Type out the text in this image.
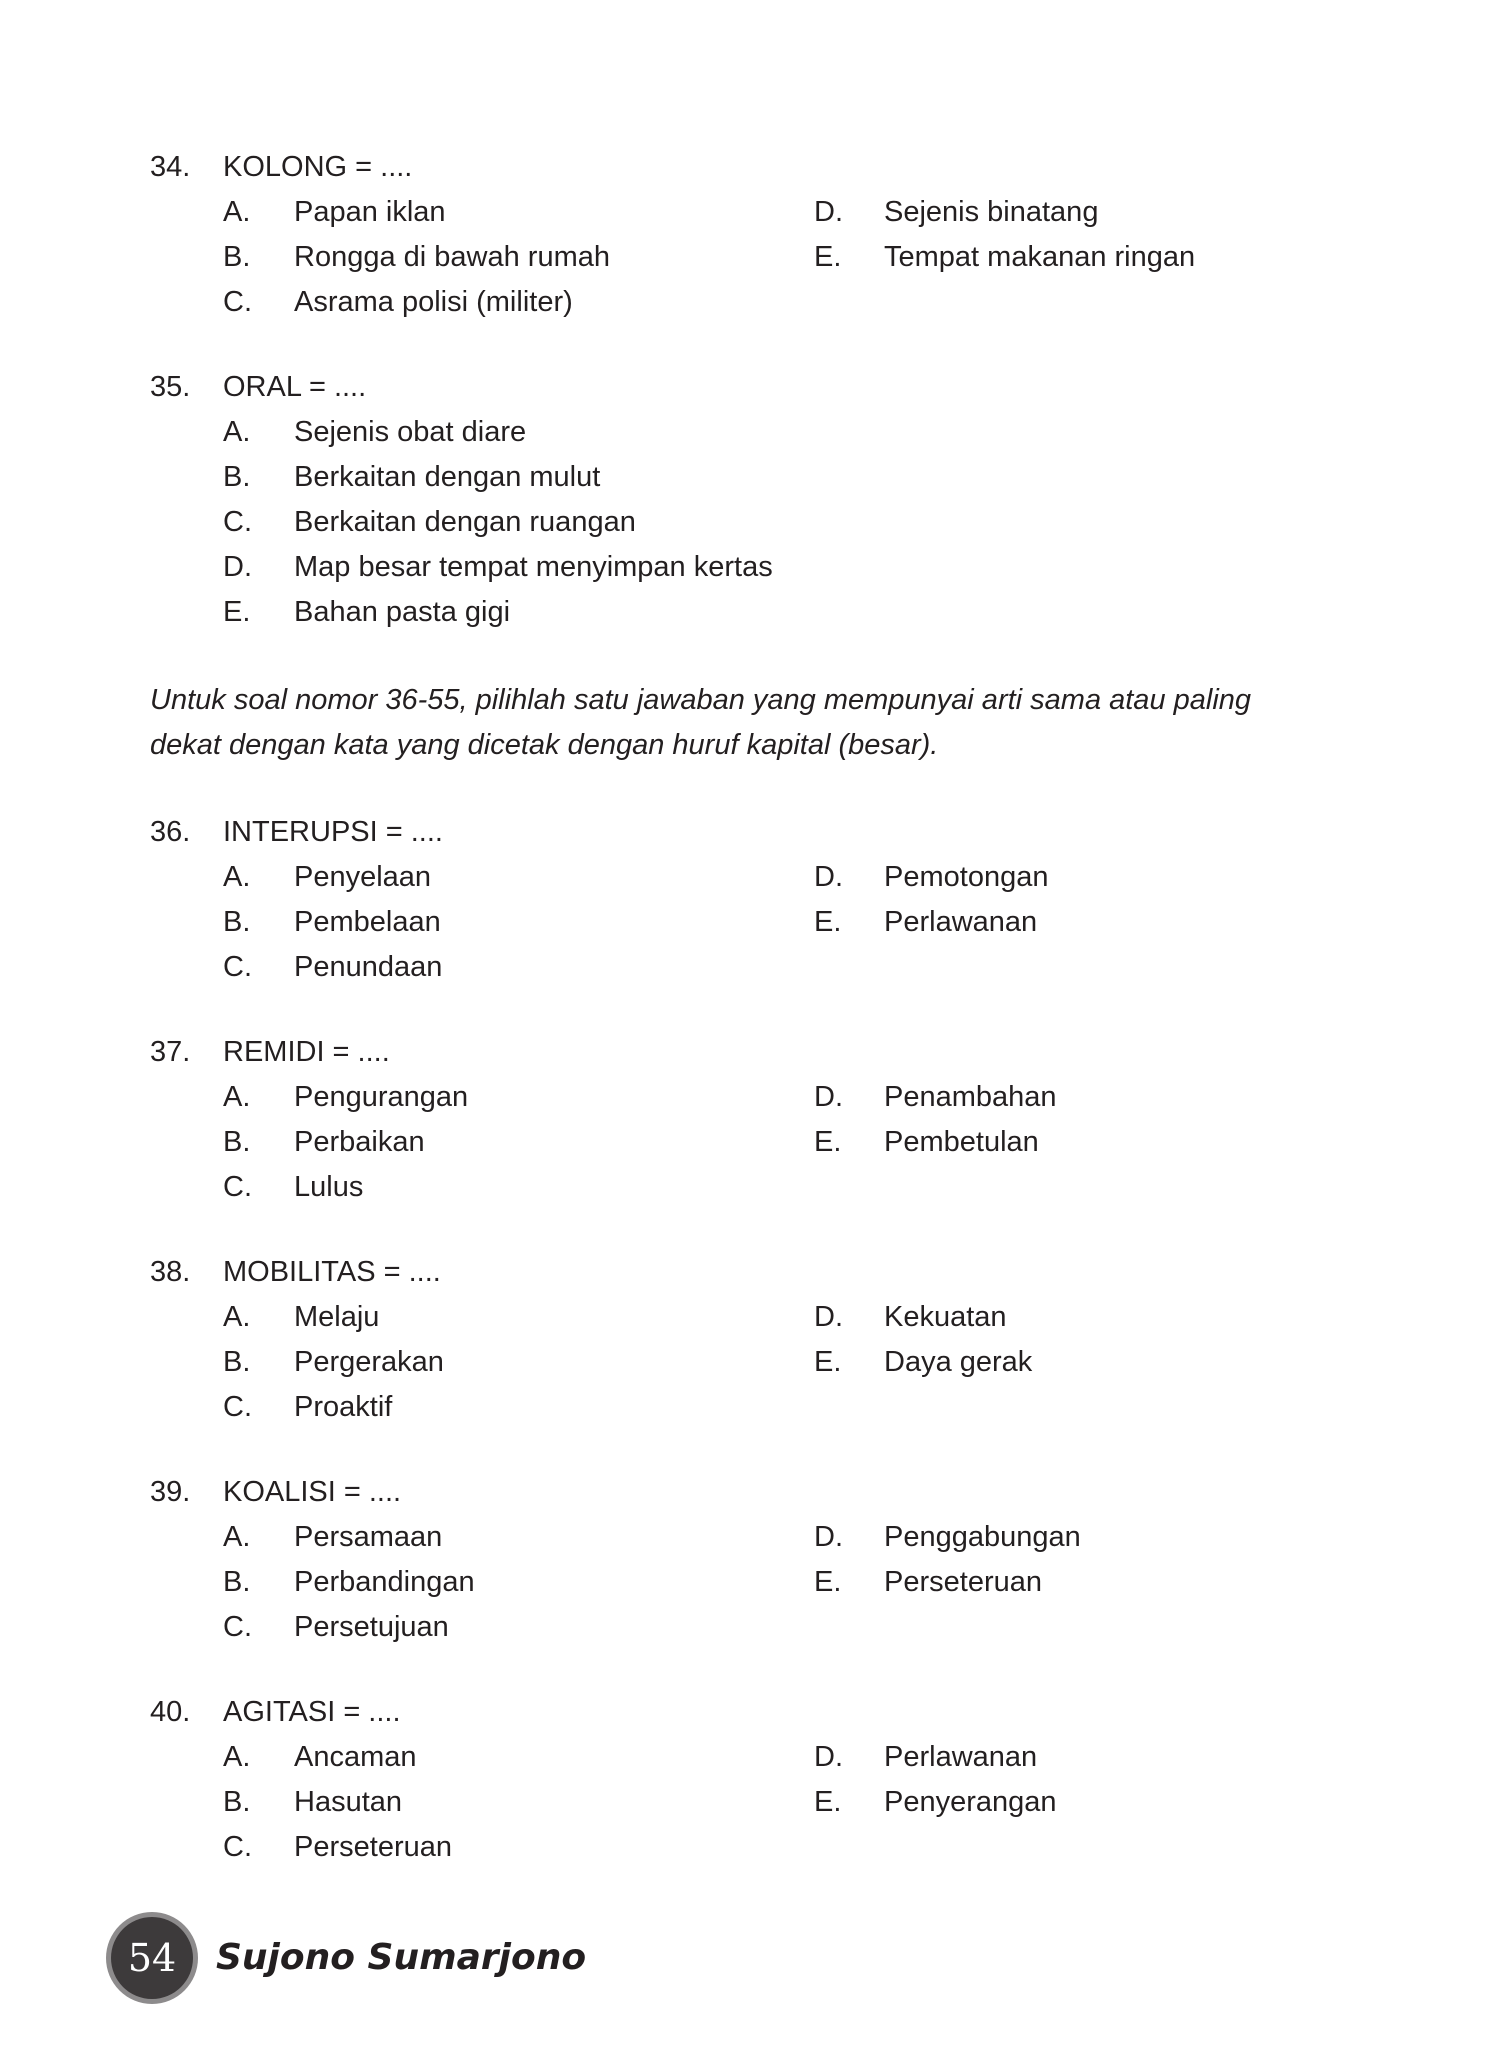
34. KOLONG = ....
A. Papan iklan	D. Sejenis binatang
B. Rongga di bawah rumah	E. Tempat makanan ringan
C. Asrama polisi (militer)
35. ORAL = ....
A. Sejenis obat diare
B. Berkaitan dengan mulut
C. Berkaitan dengan ruangan
D. Map besar tempat menyimpan kertas
E. Bahan pasta gigi
Untuk soal nomor 36-55, pilihlah satu jawaban yang mempunyai arti sama atau paling
dekat dengan kata yang dicetak dengan huruf kapital (besar).
36. INTERUPSI = ....
A. Penyelaan	D. Pemotongan
B. Pembelaan	E. Perlawanan
C. Penundaan
37. REMIDI = ....
A. Pengurangan	D. Penambahan
B. Perbaikan	E. Pembetulan
C. Lulus
38. MOBILITAS = ....
A. Melaju	D. Kekuatan
B. Pergerakan	E. Daya gerak
C. Proaktif
39. KOALISI = ....
A. Persamaan	D. Penggabungan
B. Perbandingan	E. Perseteruan
C. Persetujuan
40. AGITASI = ....
A. Ancaman	D. Perlawanan
B. Hasutan	E. Penyerangan
C. Perseteruan
54	Sujono Sumarjono
